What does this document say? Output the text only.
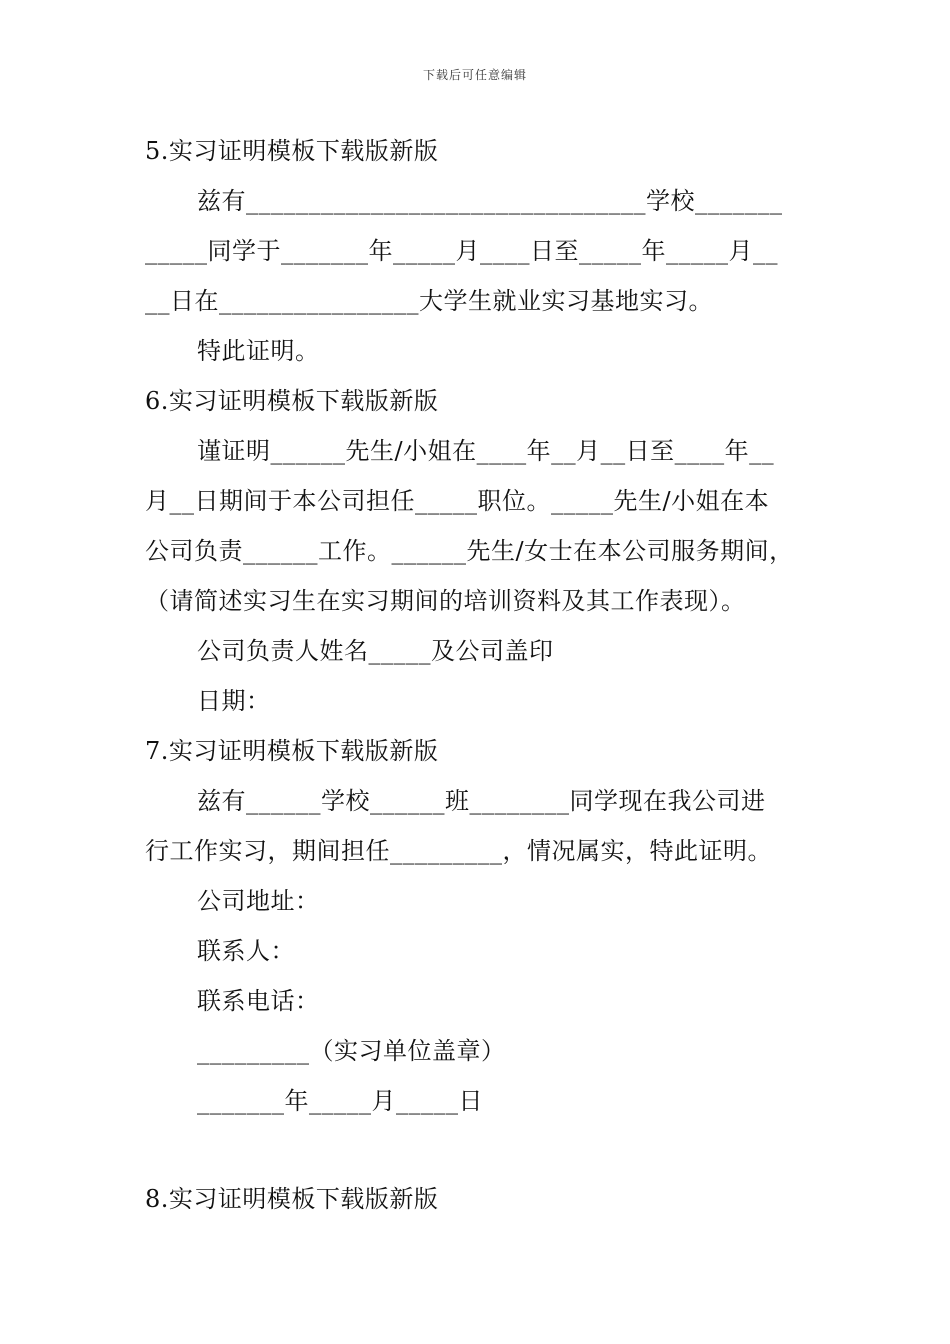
下载后可任意编辑
5.实习证明模板下载版新版
兹有________________________________学校_______
_____同学于_______年_____月____日至_____年_____月__
__日在________________大学生就业实习基地实习。
特此证明。
6.实习证明模板下载版新版
谨证明______先生/小姐在____年__月__日至____年__
月__日期间于本公司担任_____职位。_____先生/小姐在本
公司负责______工作。______先生/女士在本公司服务期间，
（请简述实习生在实习期间的培训资料及其工作表现）。
公司负责人姓名_____及公司盖印
日期：
7.实习证明模板下载版新版
兹有______学校______班________同学现在我公司进
行工作实习，期间担任_________，情况属实，特此证明。
公司地址：
联系人：
联系电话：
_________（实习单位盖章）
_______年_____月_____日
8.实习证明模板下载版新版
